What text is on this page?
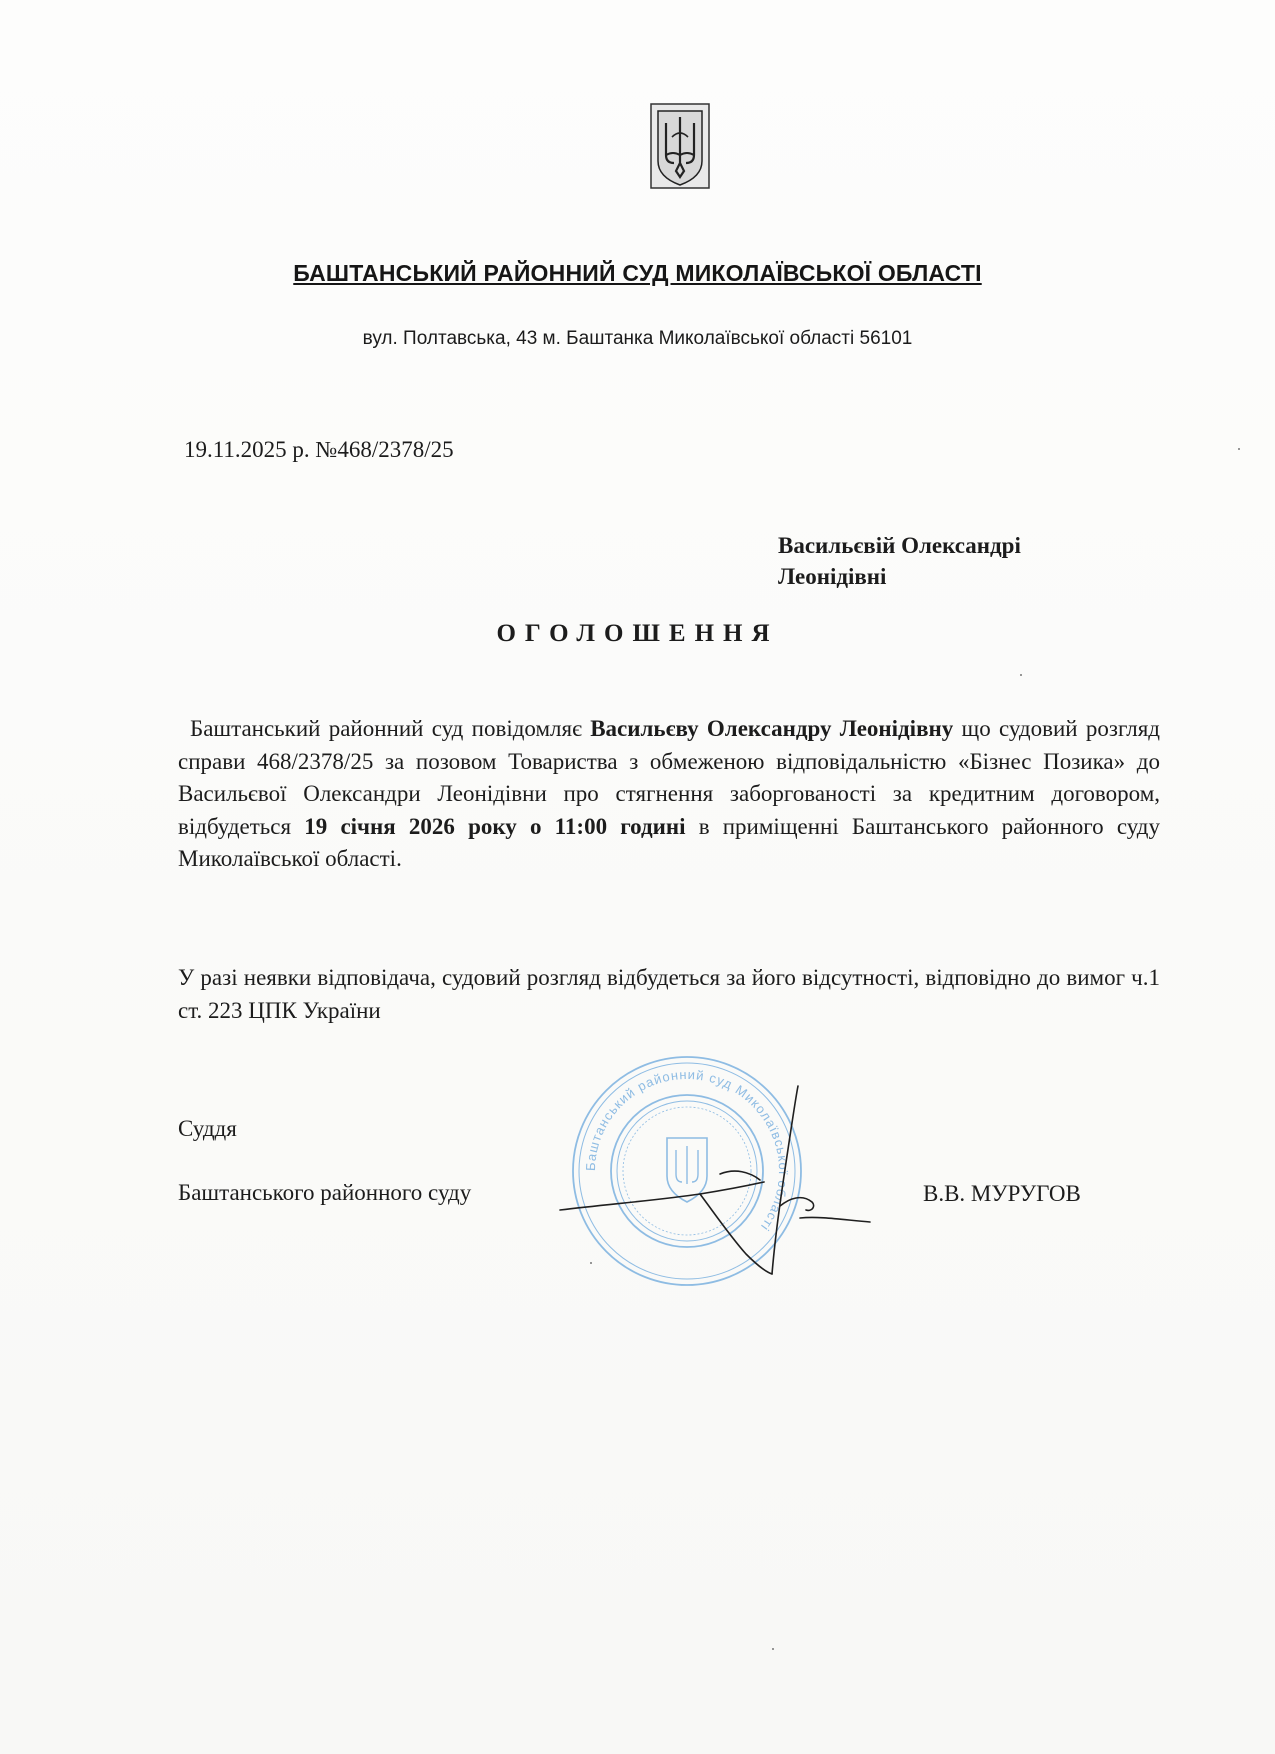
БАШТАНСЬКИЙ РАЙОННИЙ СУД МИКОЛАЇВСЬКОЇ ОБЛАСТІ
вул. Полтавська, 43 м. Баштанка Миколаївської області 56101
19.11.2025 р. №468/2378/25
Васильєвій Олександрі
Леонідівні
ОГОЛОШЕННЯ
Баштанський районний суд повідомляє Васильєву Олександру Леонідівну що судовий розгляд справи 468/2378/25 за позовом Товариства з обмеженою відповідальністю «Бізнес Позика» до Васильєвої Олександри Леонідівни про стягнення заборгованості за кредитним договором, відбудеться 19 січня 2026 року о 11:00 годині в приміщенні Баштанського районного суду Миколаївської області.
У разі неявки відповідача, судовий розгляд відбудеться за його відсутності, відповідно до вимог ч.1 ст. 223 ЦПК України
Суддя
Баштанського районного суду	В.В. МУРУГОВ
Баштанський районний суд Миколаївської області
